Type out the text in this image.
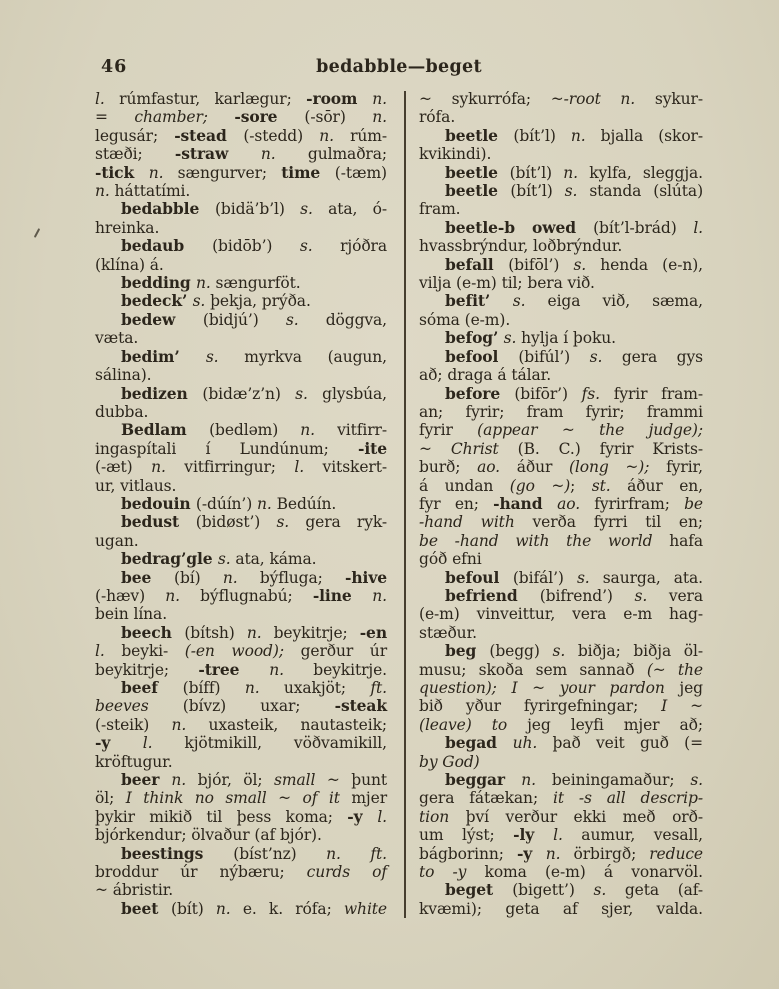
46	bedabble—beget
l. rúmfastur, karlægur; -room n.
= chamber; -sore (-sōr) n.
legusár; -stead (-stedd) n. rúm-
stæði; -straw n. gulmaðra;
-tick n. sængurver; time (-tæm)
n. háttatími.
bedabble (bidä’b’l) s. ata, ó-
hreinka.
bedaub (bidōb’) s. rjóðra
(klína) á.
bedding n. sængurföt.
bedeck’ s. þekja, prýða.
bedew (bidjú’) s. döggva,
væta.
bedim’ s. myrkva (augun,
sálina).
bedizen (bidæ’z’n) s. glysbúa,
dubba.
Bedlam (bedləm) n. vitfirr-
ingaspítali í Lundúnum; -ite
(-æt) n. vitfirringur; l. vitskert-
ur, vitlaus.
bedouin (-dúín’) n. Bedúín.
bedust (bidøst’) s. gera ryk-
ugan.
bedrag’gle s. ata, káma.
bee (bí) n. býfluga; -hive
(-hæv) n. býflugnabú; -line n.
bein lína.
beech (bítsh) n. beykitrje; -en
l. beyki- (-en wood); gerður úr
beykitrje; -tree n. beykitrje.
beef (bíff) n. uxakjöt; ft.
beeves (bívz) uxar; -steak
(-steik) n. uxasteik, nautasteik;
-y l. kjötmikill, vöðvamikill,
kröftugur.
beer n. bjór, öl; small ~ þunt
öl; I think no small ~ of it mjer
þykir mikið til þess koma; -y l.
bjórkendur; ölvaður (af bjór).
beestings (bíst’nz) n. ft.
broddur úr nýbæru; curds of
~ ábristir.
beet (bít) n. e. k. rófa; white
~ sykurrófa; ~-root n. sykur-
rófa.
beetle (bít’l) n. bjalla (skor-
kvikindi).
beetle (bít’l) n. kylfa, sleggja.
beetle (bít’l) s. standa (slúta)
fram.
beetle-b owed (bít’l-brád) l.
hvassbrýndur, loðbrýndur.
befall (bifōl’) s. henda (e-n),
vilja (e-m) til; bera við.
befit’ s. eiga við, sæma,
sóma (e-m).
befog’ s. hylja í þoku.
befool (bifúl’) s. gera gys
að; draga á tálar.
before (bifōr’) fs. fyrir fram-
an; fyrir; fram fyrir; frammi
fyrir (appear ~ the judge);
~ Christ (B. C.) fyrir Krists-
burð; ao. áður (long ~); fyrir,
á undan (go ~); st. áður en,
fyr en; -hand ao. fyrirfram; be
-hand with verða fyrri til en;
be -hand with the world hafa
góð efni
befoul (bifál’) s. saurga, ata.
befriend (bifrend’) s. vera
(e-m) vinveittur, vera e-m hag-
stæður.
beg (begg) s. biðja; biðja öl-
musu; skoða sem sannað (~ the
question); I ~ your pardon jeg
bið yður fyrirgefningar; I ~
(leave) to jeg leyfi mjer að;
begad uh. það veit guð (=
by God)
beggar n. beiningamaður; s.
gera fátækan; it -s all descrip-
tion því verður ekki með orð-
um lýst; -ly l. aumur, vesall,
bágborinn; -y n. örbirgð; reduce
to -y koma (e-m) á vonarvöl.
beget (bigett’) s. geta (af-
kvæmi); geta af sjer, valda.
